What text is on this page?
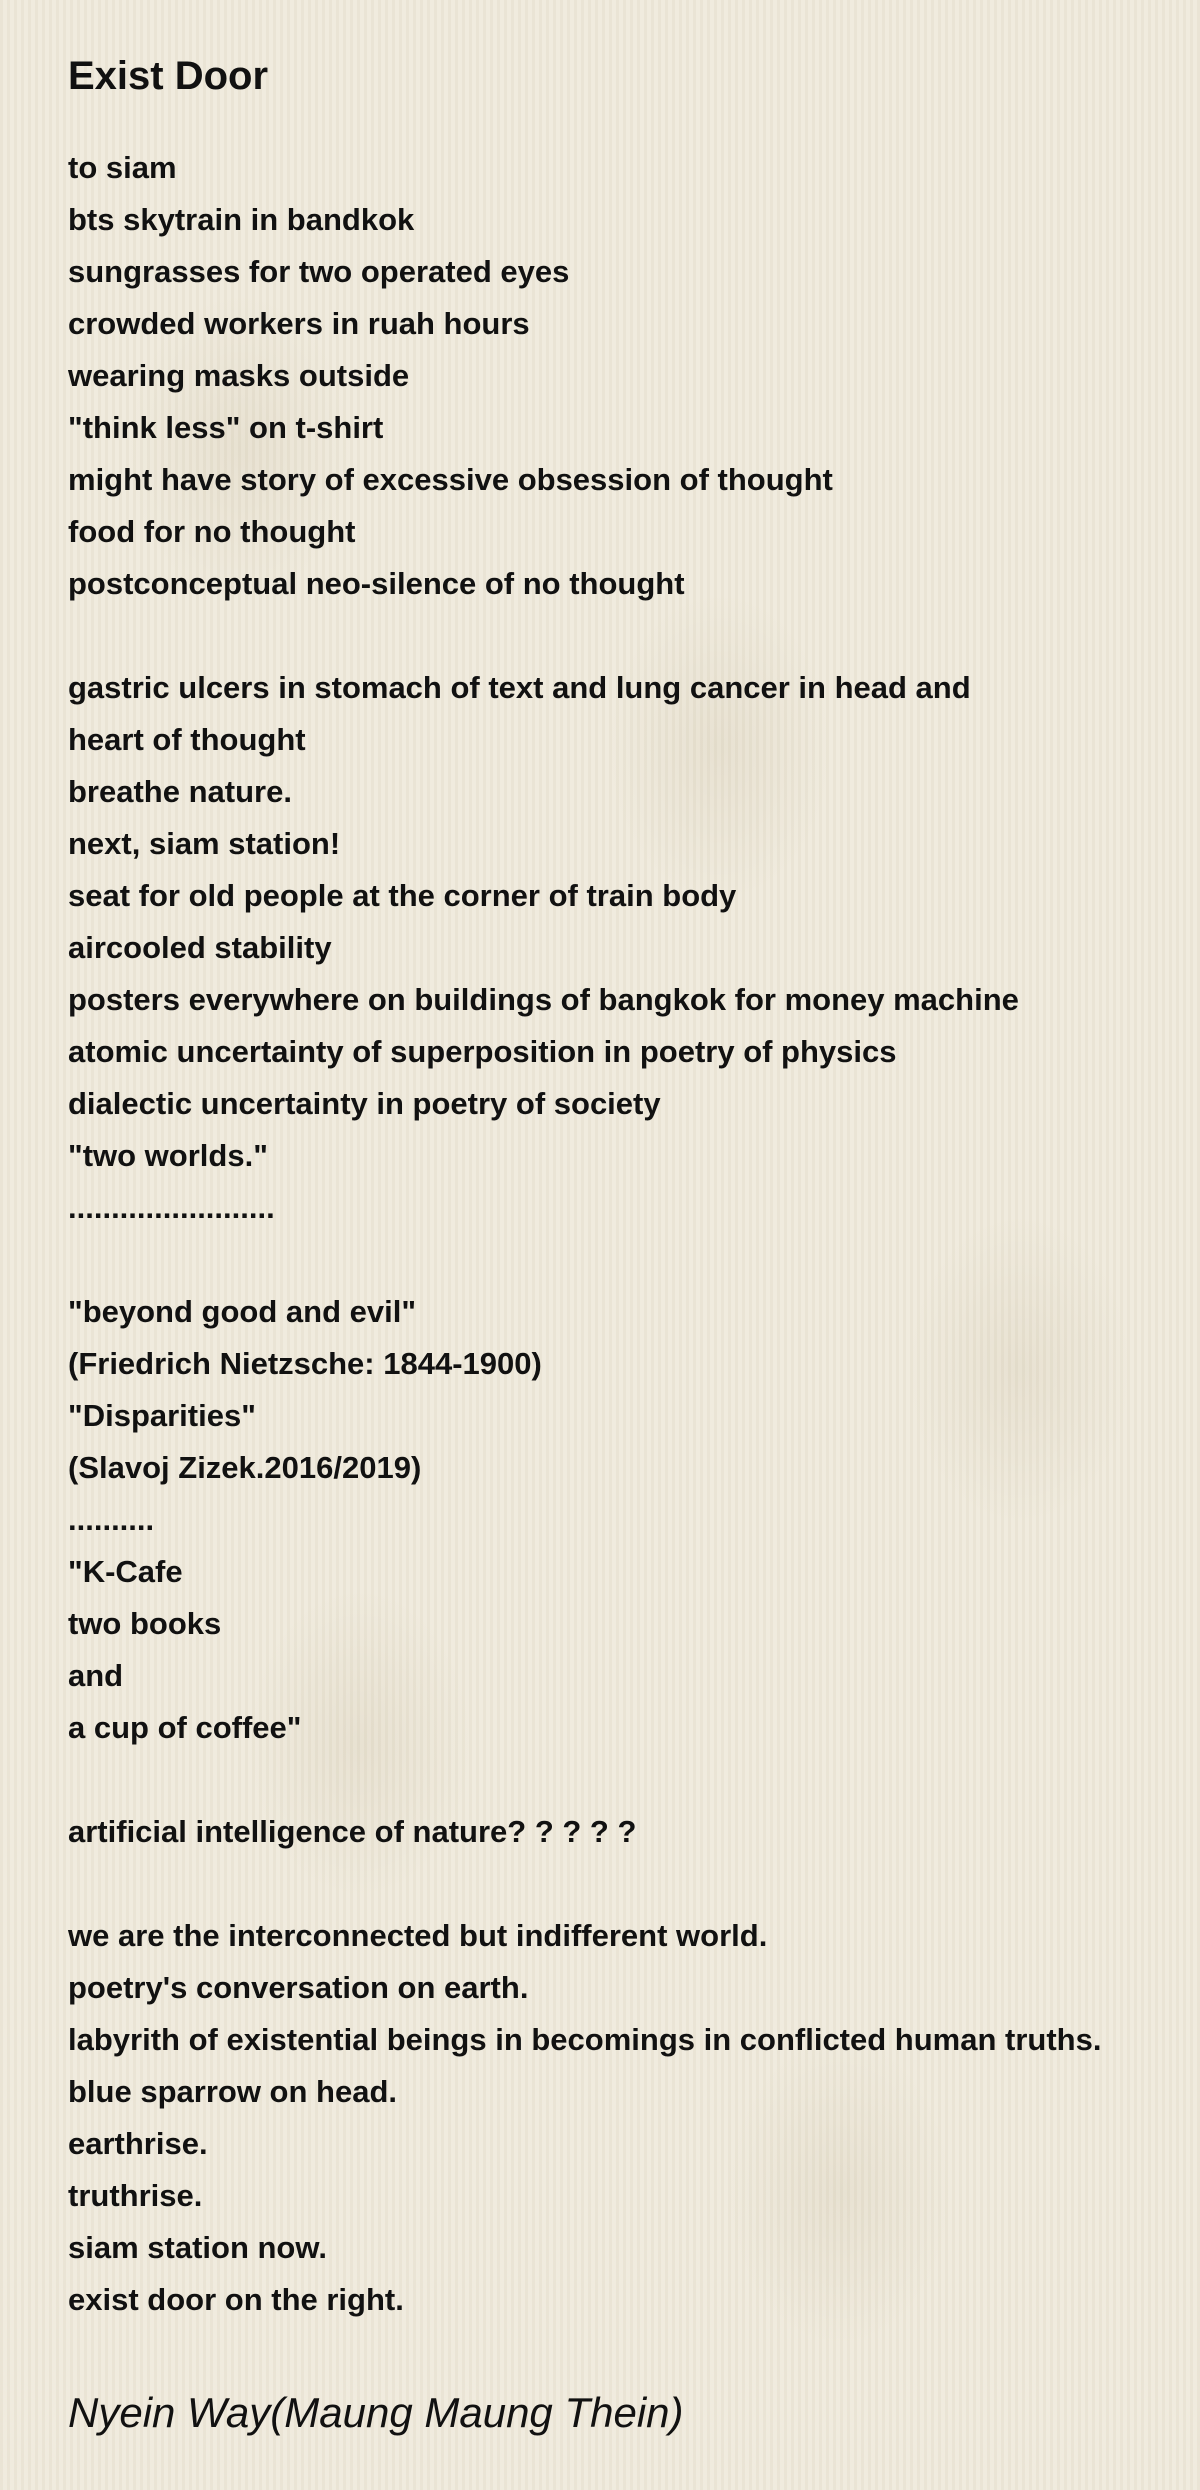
Exist Door
to siam
bts skytrain in bandkok
sungrasses for two operated eyes
crowded workers in ruah hours
wearing masks outside
"think less" on t-shirt
might have story of excessive obsession of thought
food for no thought
postconceptual neo-silence of no thought
gastric ulcers in stomach of text and lung cancer in head and
heart of thought
breathe nature.
next, siam station!
seat for old people at the corner of train body
aircooled stability
posters everywhere on buildings of bangkok for money machine
atomic uncertainty of superposition in poetry of physics
dialectic uncertainty in poetry of society
"two worlds."
........................
"beyond good and evil"
(Friedrich Nietzsche: 1844-1900)
"Disparities"
(Slavoj Zizek.2016/2019)
..........
"K-Cafe
two books
and
a cup of coffee"
artificial intelligence of nature? ? ? ? ?
we are the interconnected but indifferent world.
poetry's conversation on earth.
labyrith of existential beings in becomings in conflicted human truths.
blue sparrow on head.
earthrise.
truthrise.
siam station now.
exist door on the right.
Nyein Way(Maung Maung Thein)
